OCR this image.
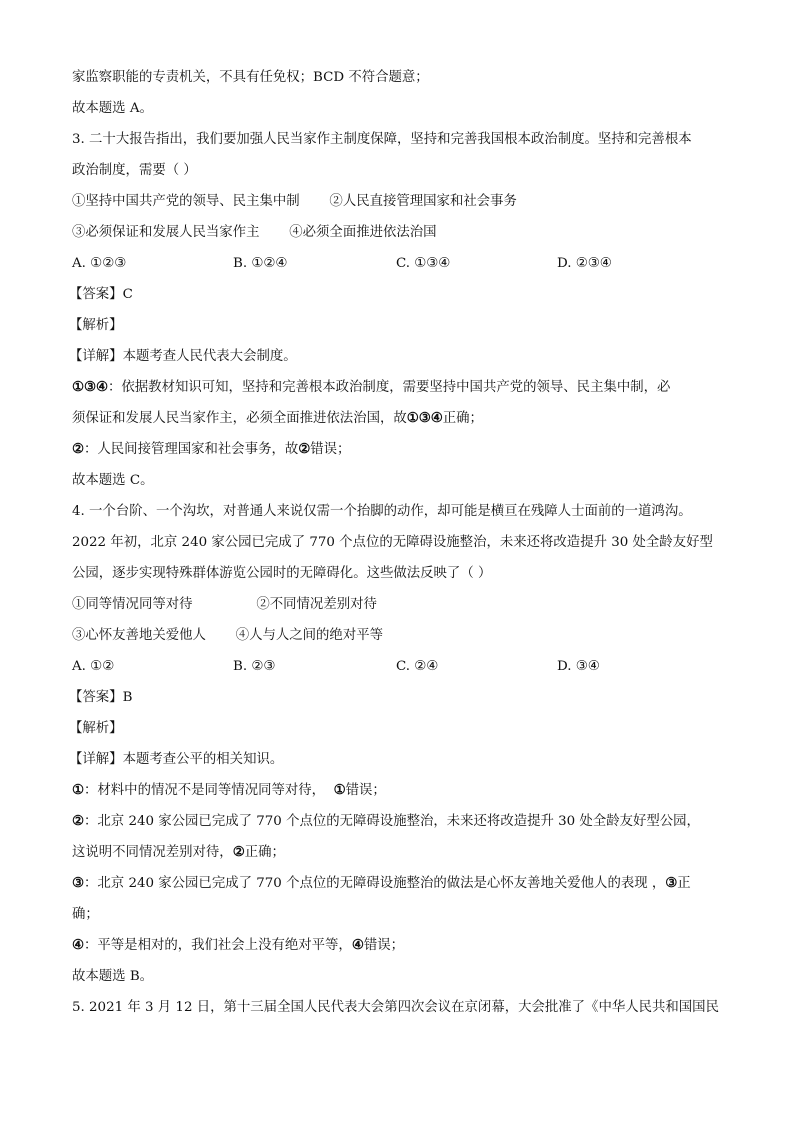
家监察职能的专责机关，不具有任免权；BCD 不符合题意；
故本题选 A。
3. 二十大报告指出，我们要加强人民当家作主制度保障，坚持和完善我国根本政治制度。坚持和完善根本
政治制度，需要（ ）
①坚持中国共产党的领导、民主集中制       ②人民直接管理国家和社会事务
③必须保证和发展人民当家作主       ④必须全面推进依法治国
A. ①②③	B. ①②④	C. ①③④	D. ②③④
【答案】C
【解析】
【详解】本题考查人民代表大会制度。
①③④：依据教材知识可知，坚持和完善根本政治制度，需要坚持中国共产党的领导、民主集中制，必
须保证和发展人民当家作主，必须全面推进依法治国，故①③④正确；
②：人民间接管理国家和社会事务，故②错误；
故本题选 C。
4. 一个台阶、一个沟坎，对普通人来说仅需一个抬脚的动作，却可能是横亘在残障人士面前的一道鸿沟。
2022 年初，北京 240 家公园已完成了 770 个点位的无障碍设施整治，未来还将改造提升 30 处全龄友好型
公园，逐步实现特殊群体游览公园时的无障碍化。这些做法反映了（ ）
①同等情况同等对待               ②不同情况差别对待
③心怀友善地关爱他人       ④人与人之间的绝对平等
A. ①②	B. ②③	C. ②④	D. ③④
【答案】B
【解析】
【详解】本题考查公平的相关知识。
①：材料中的情况不是同等情况同等对待，  ①错误；
②：北京 240 家公园已完成了 770 个点位的无障碍设施整治，未来还将改造提升 30 处全龄友好型公园，
这说明不同情况差别对待，②正确；
③：北京 240 家公园已完成了 770 个点位的无障碍设施整治的做法是心怀友善地关爱他人的表现 ，③正
确；
④：平等是相对的，我们社会上没有绝对平等，④错误；
故本题选 B。
5. 2021 年 3 月 12 日，第十三届全国人民代表大会第四次会议在京闭幕，大会批准了《中华人民共和国国民
